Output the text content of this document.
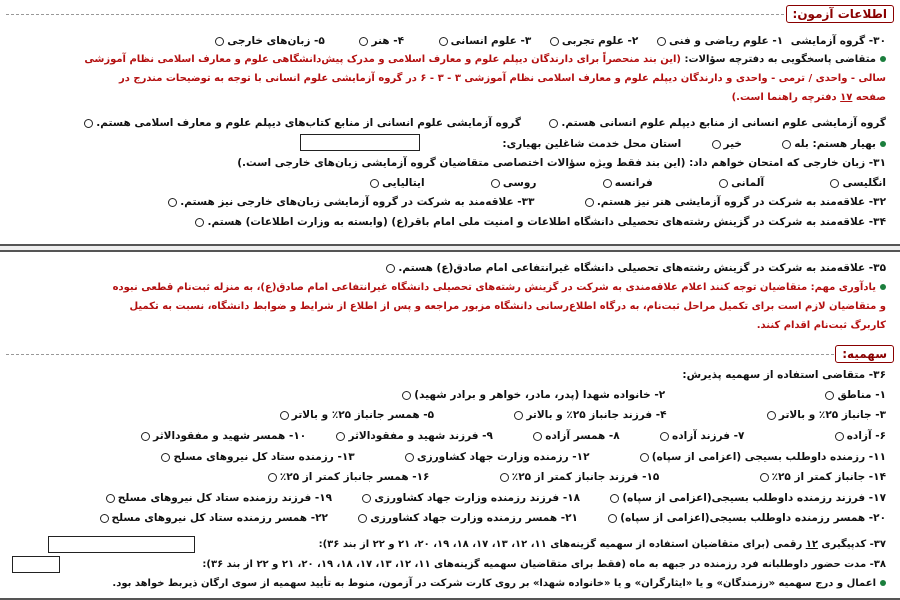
اطلاعات آزمون:
۳۰- گروه آزمایشی ۱- علوم ریاضی و فنی ۲- علوم تجربی ۳- علوم انسانی ۴- هنر ۵- زبان‌های خارجی
متقاضی پاسخگویی به دفترچه سؤالات: (این بند منحصراً برای دارندگان دیپلم علوم و معارف اسلامی و مدرک پیش‌دانشگاهی علوم و معارف اسلامی نظام آموزشی
سالی - واحدی / ترمی - واحدی و دارندگان دیپلم علوم و معارف اسلامی نظام آموزشی ۳ - ۳ - ۶ در گروه آزمایشی علوم انسانی با توجه به توضیحات مندرج در
صفحه ۱۷ دفترچه راهنما است.)
گروه آزمایشی علوم انسانی از منابع دیپلم علوم انسانی هستم.  گروه آزمایشی علوم انسانی از منابع کتاب‌های دیپلم علوم و معارف اسلامی هستم.
بهیار هستم: بله  خیر  استان محل خدمت شاغلین بهیاری:
۳۱- زبان خارجی که امتحان خواهم داد: (این بند فقط ویژه سؤالات اختصاصی متقاضیان گروه آزمایشی زبان‌های خارجی است.)
انگلیسی  آلمانی  فرانسه  روسی  ایتالیایی
۳۲- علاقه‌مند به شرکت در گروه آزمایشی هنر نیز هستم.  ۳۳- علاقه‌مند به شرکت در گروه آزمایشی زبان‌های خارجی نیز هستم.
۳۴- علاقه‌مند به شرکت در گزینش رشته‌های تحصیلی دانشگاه اطلاعات و امنیت ملی امام باقر(ع) (وابسته به وزارت اطلاعات) هستم.
۳۵- علاقه‌مند به شرکت در گزینش رشته‌های تحصیلی دانشگاه غیرانتفاعی امام صادق(ع) هستم.
یادآوری مهم: متقاضیان توجه کنند اعلام علاقه‌مندی به شرکت در گزینش رشته‌های تحصیلی دانشگاه غیرانتفاعی امام صادق(ع)، به منزله ثبت‌نام قطعی نبوده
و متقاضیان لازم است برای تکمیل مراحل ثبت‌نام، به درگاه اطلاع‌رسانی دانشگاه مزبور مراجعه و پس از اطلاع از شرایط و ضوابط دانشگاه، نسبت به تکمیل
کاربرگ ثبت‌نام اقدام کنند.
سهمیه:
۳۶- متقاضی استفاده از سهمیه پذیرش:
۱- مناطق  ۲- خانواده شهدا (پدر، مادر، خواهر و برادر شهید)
۳- جانباز ۲۵٪ و بالاتر  ۴- فرزند جانباز ۲۵٪ و بالاتر  ۵- همسر جانباز ۲۵٪ و بالاتر
۶- آزاده  ۷- فرزند آزاده  ۸- همسر آزاده  ۹- فرزند شهید و مفقودالاثر  ۱۰- همسر شهید و مفقودالاثر
۱۱- رزمنده داوطلب بسیجی (اعزامی از سپاه)  ۱۲- رزمنده وزارت جهاد کشاورزی  ۱۳- رزمنده ستاد کل نیروهای مسلح
۱۴- جانباز کمتر از ۲۵٪  ۱۵- فرزند جانباز کمتر از ۲۵٪  ۱۶- همسر جانباز کمتر از ۲۵٪
۱۷- فرزند رزمنده داوطلب بسیجی(اعزامی از سپاه)  ۱۸- فرزند رزمنده وزارت جهاد کشاورزی  ۱۹- فرزند رزمنده ستاد کل نیروهای مسلح
۲۰- همسر رزمنده داوطلب بسیجی(اعزامی از سپاه)  ۲۱- همسر رزمنده وزارت جهاد کشاورزی  ۲۲- همسر رزمنده ستاد کل نیروهای مسلح
۳۷- کدپیگیری ۱۲ رقمی (برای متقاضیان استفاده از سهمیه گزینه‌های ۱۱، ۱۲، ۱۳، ۱۷، ۱۸، ۱۹، ۲۰، ۲۱ و ۲۲ از بند ۳۶):
۳۸- مدت حضور داوطلبانه فرد رزمنده در جبهه به ماه (فقط برای متقاضیان سهمیه گزینه‌های ۱۱، ۱۲، ۱۳، ۱۷، ۱۸، ۱۹، ۲۰، ۲۱ و ۲۲ از بند ۳۶):
اعمال و درج سهمیه «رزمندگان» و یا «ایثارگران» و یا «خانواده شهدا» بر روی کارت شرکت در آزمون، منوط به تأیید سهمیه از سوی ارگان ذیربط خواهد بود.
